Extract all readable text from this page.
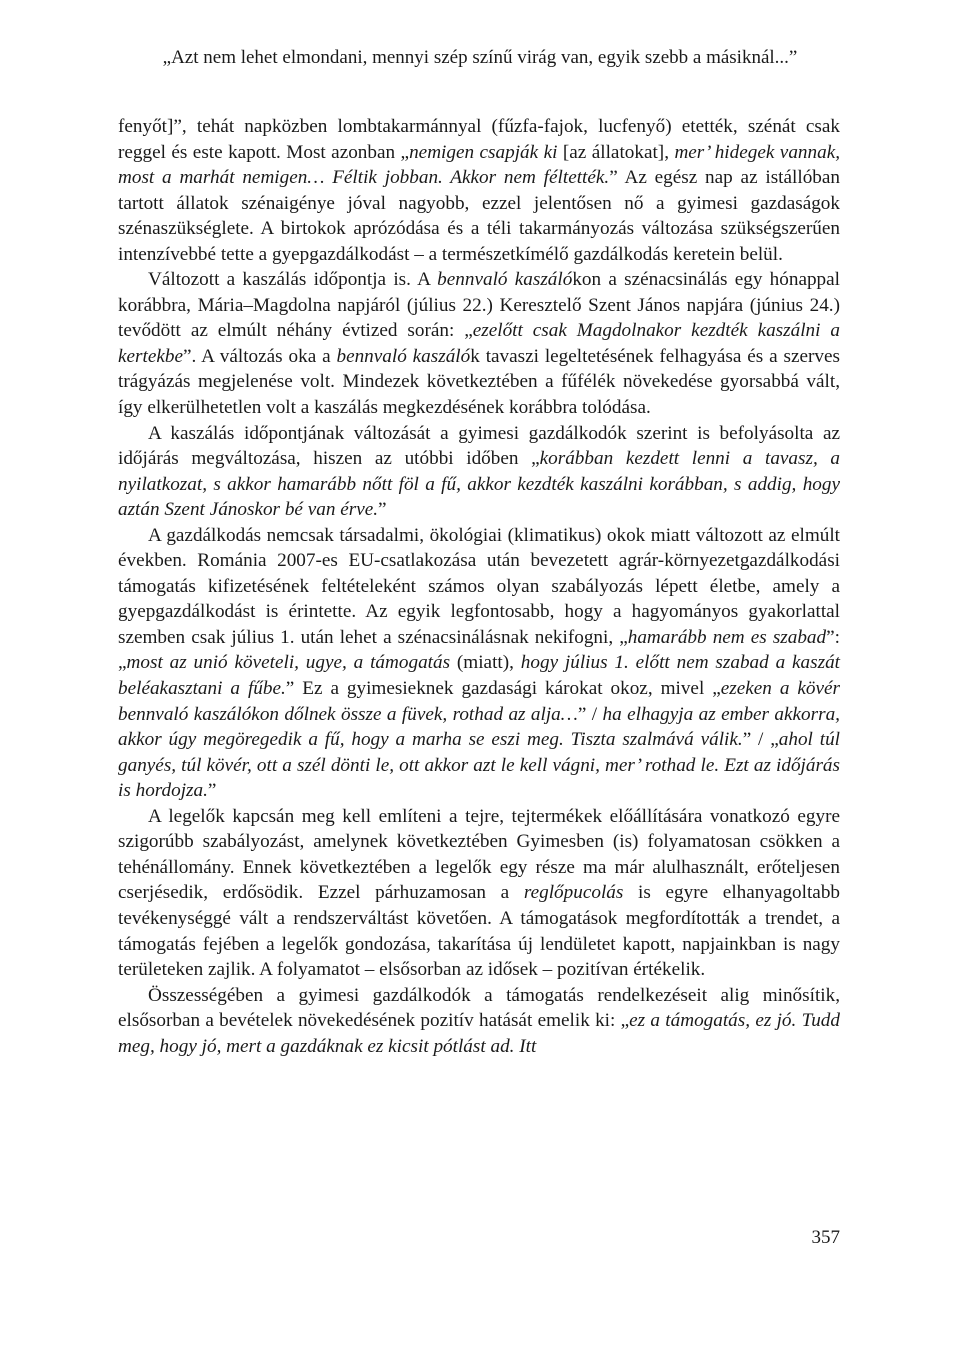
„Azt nem lehet elmondani, mennyi szép színű virág van, egyik szebb a másiknál...”

fenyőt]”, tehát napközben lombtakarmánnyal (fűzfa-fajok, lucfenyő) etették, szénát csak reggel és este kapott. Most azonban „nemigen csapják ki [az állatokat], mer’ hidegek vannak, most a marhát nemigen… Féltik jobban. Akkor nem féltették.” Az egész nap az istállóban tartott állatok szénaigénye jóval nagyobb, ezzel jelentősen nő a gyimesi gazdaságok szénaszükséglete. A birtokok aprózódása és a téli takarmányozás változása szükségszerűen intenzívebbé tette a gyepgazdálkodást – a természetkímélő gazdálkodás keretein belül.

Változott a kaszálás időpontja is. A bennvaló kaszálókon a szénacsinálás egy hónappal korábbra, Mária–Magdolna napjáról (július 22.) Keresztelő Szent János napjára (június 24.) tevődött az elmúlt néhány évtized során: „ezelőtt csak Magdolnakor kezdték kaszálni a kertekbe”. A változás oka a bennvaló kaszálók tavaszi legeltetésének felhagyása és a szerves trágyázás megjelenése volt. Mindezek következtében a fűfélék növekedése gyorsabbá vált, így elkerülhetetlen volt a kaszálás megkezdésének korábbra tolódása.

A kaszálás időpontjának változását a gyimesi gazdálkodók szerint is befolyásolta az időjárás megváltozása, hiszen az utóbbi időben „korábban kezdett lenni a tavasz, a nyilatkozat, s akkor hamarább nőtt föl a fű, akkor kezdték kaszálni korábban, s addig, hogy aztán Szent Jánoskor bé van érve.”

A gazdálkodás nemcsak társadalmi, ökológiai (klimatikus) okok miatt változott az elmúlt években. Románia 2007-es EU-csatlakozása után bevezetett agrár-környezetgazdálkodási támogatás kifizetésének feltételeként számos olyan szabályozás lépett életbe, amely a gyepgazdálkodást is érintette. Az egyik legfontosabb, hogy a hagyományos gyakorlattal szemben csak július 1. után lehet a szénacsinálásnak nekifogni, „hamarább nem es szabad”: „most az unió követeli, ugye, a támogatás (miatt), hogy július 1. előtt nem szabad a kaszát beléakasztani a fűbe.” Ez a gyimesieknek gazdasági károkat okoz, mivel „ezeken a kövér bennvaló kaszálókon dőlnek össze a füvek, rothad az alja…” / ha elhagyja az ember akkorra, akkor úgy megöregedik a fű, hogy a marha se eszi meg. Tiszta szalmává válik.” / „ahol túl ganyés, túl kövér, ott a szél dönti le, ott akkor azt le kell vágni, mer’ rothad le. Ezt az időjárás is hordojza.”

A legelők kapcsán meg kell említeni a tejre, tejtermékek előállítására vonatkozó egyre szigorúbb szabályozást, amelynek következtében Gyimesben (is) folyamatosan csökken a tehénállomány. Ennek következtében a legelők egy része ma már alulhasznált, erőteljesen cserjésedik, erdősödik. Ezzel párhuzamosan a reglőpucolás is egyre elhanyagoltabb tevékenységgé vált a rendszerváltást követően. A támogatások megfordították a trendet, a támogatás fejében a legelők gondozása, takarítása új lendületet kapott, napjainkban is nagy területeken zajlik. A folyamatot – elsősorban az idősek – pozitívan értékelik.

Összességében a gyimesi gazdálkodók a támogatás rendelkezéseit alig minősítik, elsősorban a bevételek növekedésének pozitív hatását emelik ki: „ez a támogatás, ez jó. Tudd meg, hogy jó, mert a gazdáknak ez kicsit pótlást ad. Itt

357
